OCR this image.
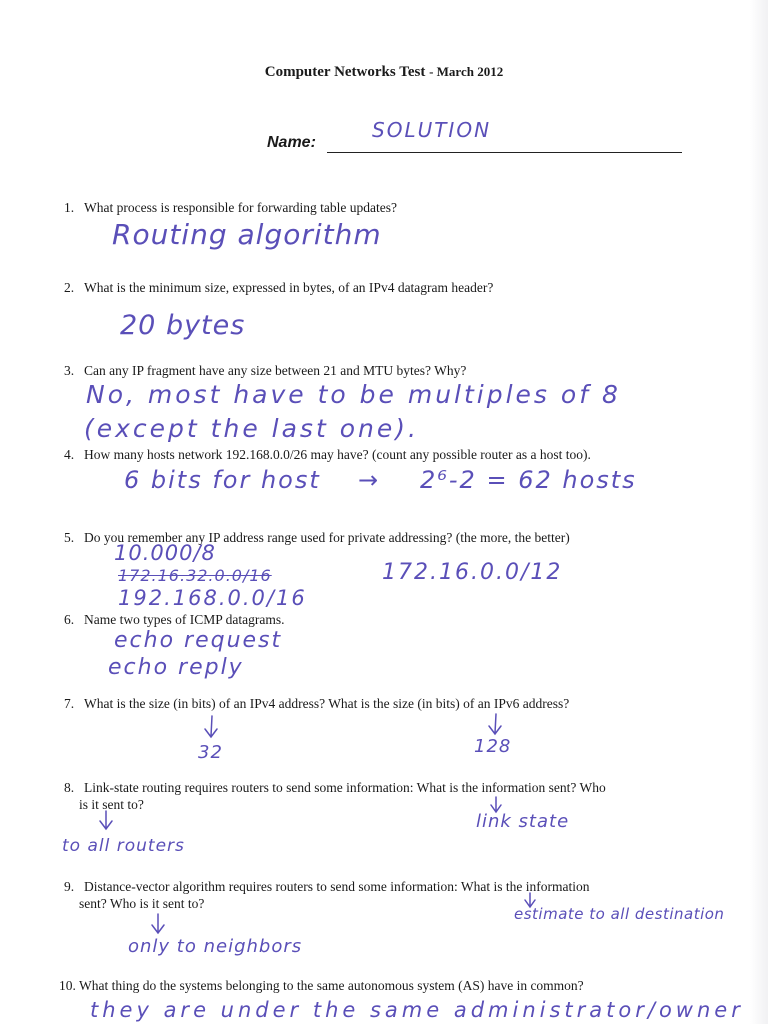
Computer Networks Test - March 2012
Name:
SOLUTION
1. What process is responsible for forwarding table updates?
Routing algorithm
2. What is the minimum size, expressed in bytes, of an IPv4 datagram header?
20 bytes
3. Can any IP fragment have any size between 21 and MTU bytes? Why?
No, most have to be multiples of 8
(except the last one).
4. How many hosts network 192.168.0.0/26 may have? (count any possible router as a host too).
6 bits for host → 2⁶-2 = 62 hosts
5. Do you remember any IP address range used for private addressing? (the more, the better)
10.000/8
172.16.32.0.0/16
192.168.0.0/16
172.16.0.0/12
6. Name two types of ICMP datagrams.
echo request
echo reply
7. What is the size (in bits) of an IPv4 address? What is the size (in bits) of an IPv6 address?
32	128
8. Link-state routing requires routers to send some information: What is the information sent? Who
is it sent to?
link state
to all routers
9. Distance-vector algorithm requires routers to send some information: What is the information
sent? Who is it sent to?
estimate to all destination
only to neighbors
10. What thing do the systems belonging to the same autonomous system (AS) have in common?
they are under the same administrator/owner
